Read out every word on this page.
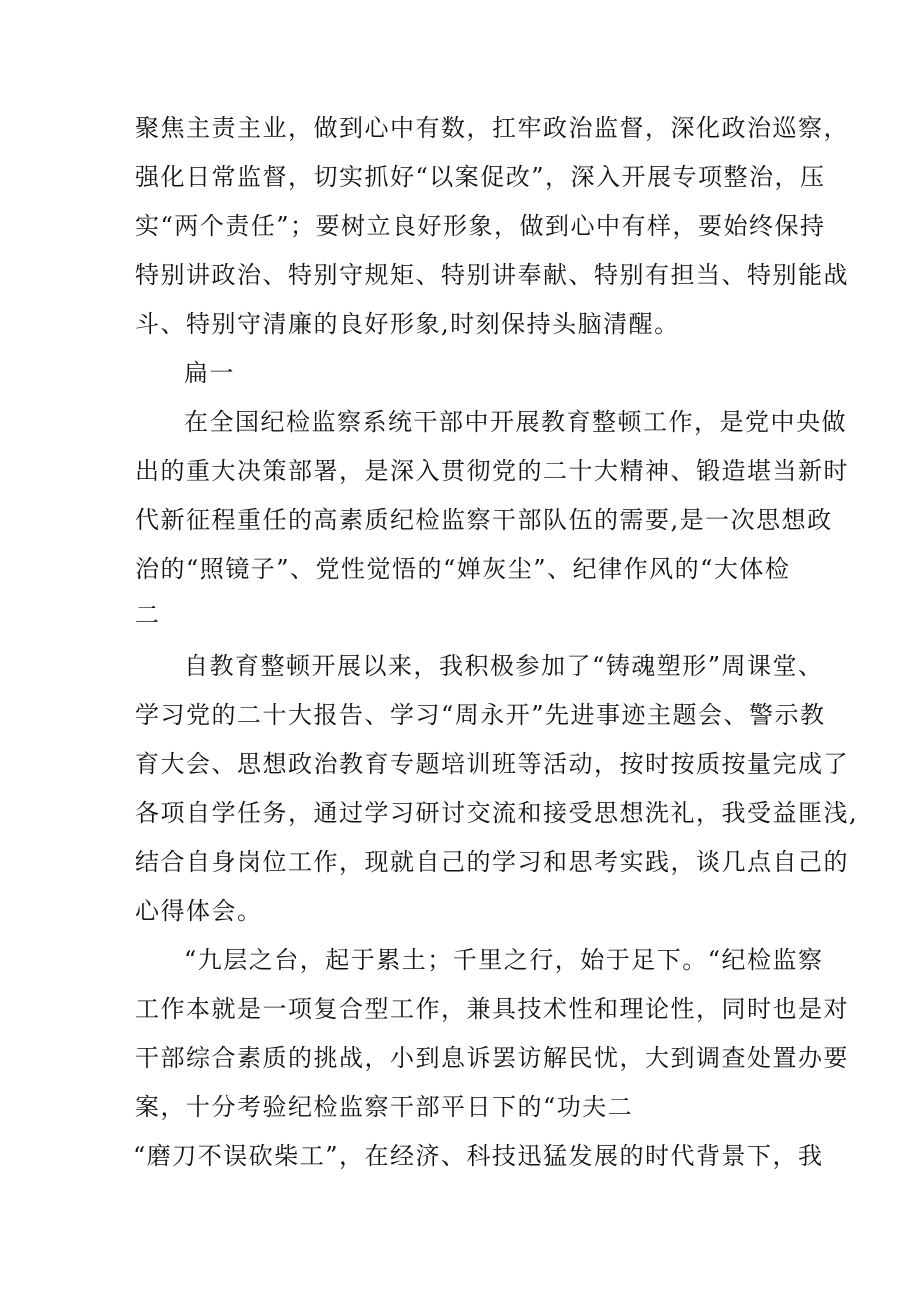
聚焦主责主业，做到心中有数，扛牢政治监督，深化政治巡察，
强化日常监督，切实抓好“以案促改”，深入开展专项整治，压
实“两个责任”；要树立良好形象，做到心中有样，要始终保持
特别讲政治、特别守规矩、特别讲奉献、特别有担当、特别能战
斗、特别守清廉的良好形象,时刻保持头脑清醒。
扁一
在全国纪检监察系统干部中开展教育整顿工作，是党中央做
出的重大决策部署，是深入贯彻党的二十大精神、锻造堪当新时
代新征程重任的高素质纪检监察干部队伍的需要,是一次思想政
治的“照镜子”、党性觉悟的“婵灰尘”、纪律作风的“大体检
二
自教育整顿开展以来，我积极参加了“铸魂塑形”周课堂、
学习党的二十大报告、学习“周永开”先进事迹主题会、警示教
育大会、思想政治教育专题培训班等活动，按时按质按量完成了
各项自学任务，通过学习研讨交流和接受思想洗礼，我受益匪浅,
结合自身岗位工作，现就自己的学习和思考实践，谈几点自己的
心得体会。
“九层之台，起于累土；千里之行，始于足下。“纪检监察
工作本就是一项复合型工作，兼具技术性和理论性，同时也是对
干部综合素质的挑战，小到息诉罢访解民忧，大到调查处置办要
案，十分考验纪检监察干部平日下的“功夫二
“磨刀不误砍柴工”，在经济、科技迅猛发展的时代背景下，我
